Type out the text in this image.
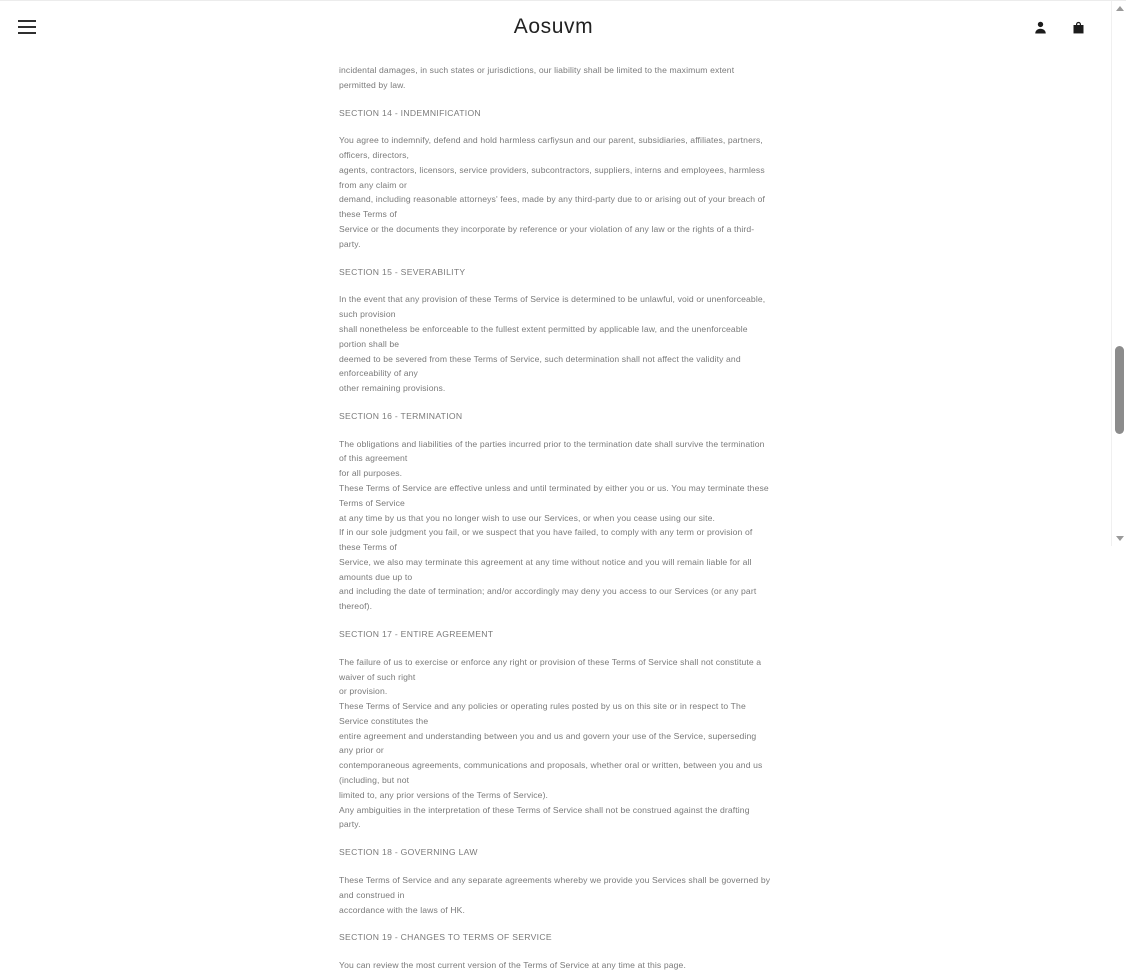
Aosuvm

incidental damages, in such states or jurisdictions, our liability shall be limited to the maximum extent permitted by law.

SECTION 14 - INDEMNIFICATION

You agree to indemnify, defend and hold harmless carfiysun and our parent, subsidiaries, affiliates, partners, officers, directors,
agents, contractors, licensors, service providers, subcontractors, suppliers, interns and employees, harmless from any claim or
demand, including reasonable attorneys' fees, made by any third-party due to or arising out of your breach of these Terms of
Service or the documents they incorporate by reference or your violation of any law or the rights of a third-party.

SECTION 15 - SEVERABILITY

In the event that any provision of these Terms of Service is determined to be unlawful, void or unenforceable, such provision
shall nonetheless be enforceable to the fullest extent permitted by applicable law, and the unenforceable portion shall be
deemed to be severed from these Terms of Service, such determination shall not affect the validity and enforceability of any
other remaining provisions.

SECTION 16 - TERMINATION

The obligations and liabilities of the parties incurred prior to the termination date shall survive the termination of this agreement
for all purposes.
These Terms of Service are effective unless and until terminated by either you or us. You may terminate these Terms of Service
at any time by us that you no longer wish to use our Services, or when you cease using our site.
If in our sole judgment you fail, or we suspect that you have failed, to comply with any term or provision of these Terms of
Service, we also may terminate this agreement at any time without notice and you will remain liable for all amounts due up to
and including the date of termination; and/or accordingly may deny you access to our Services (or any part thereof).

SECTION 17 - ENTIRE AGREEMENT

The failure of us to exercise or enforce any right or provision of these Terms of Service shall not constitute a waiver of such right
or provision.
These Terms of Service and any policies or operating rules posted by us on this site or in respect to The Service constitutes the
entire agreement and understanding between you and us and govern your use of the Service, superseding any prior or
contemporaneous agreements, communications and proposals, whether oral or written, between you and us (including, but not
limited to, any prior versions of the Terms of Service).
Any ambiguities in the interpretation of these Terms of Service shall not be construed against the drafting party.

SECTION 18 - GOVERNING LAW

These Terms of Service and any separate agreements whereby we provide you Services shall be governed by and construed in
accordance with the laws of HK.

SECTION 19 - CHANGES TO TERMS OF SERVICE

You can review the most current version of the Terms of Service at any time at this page.
